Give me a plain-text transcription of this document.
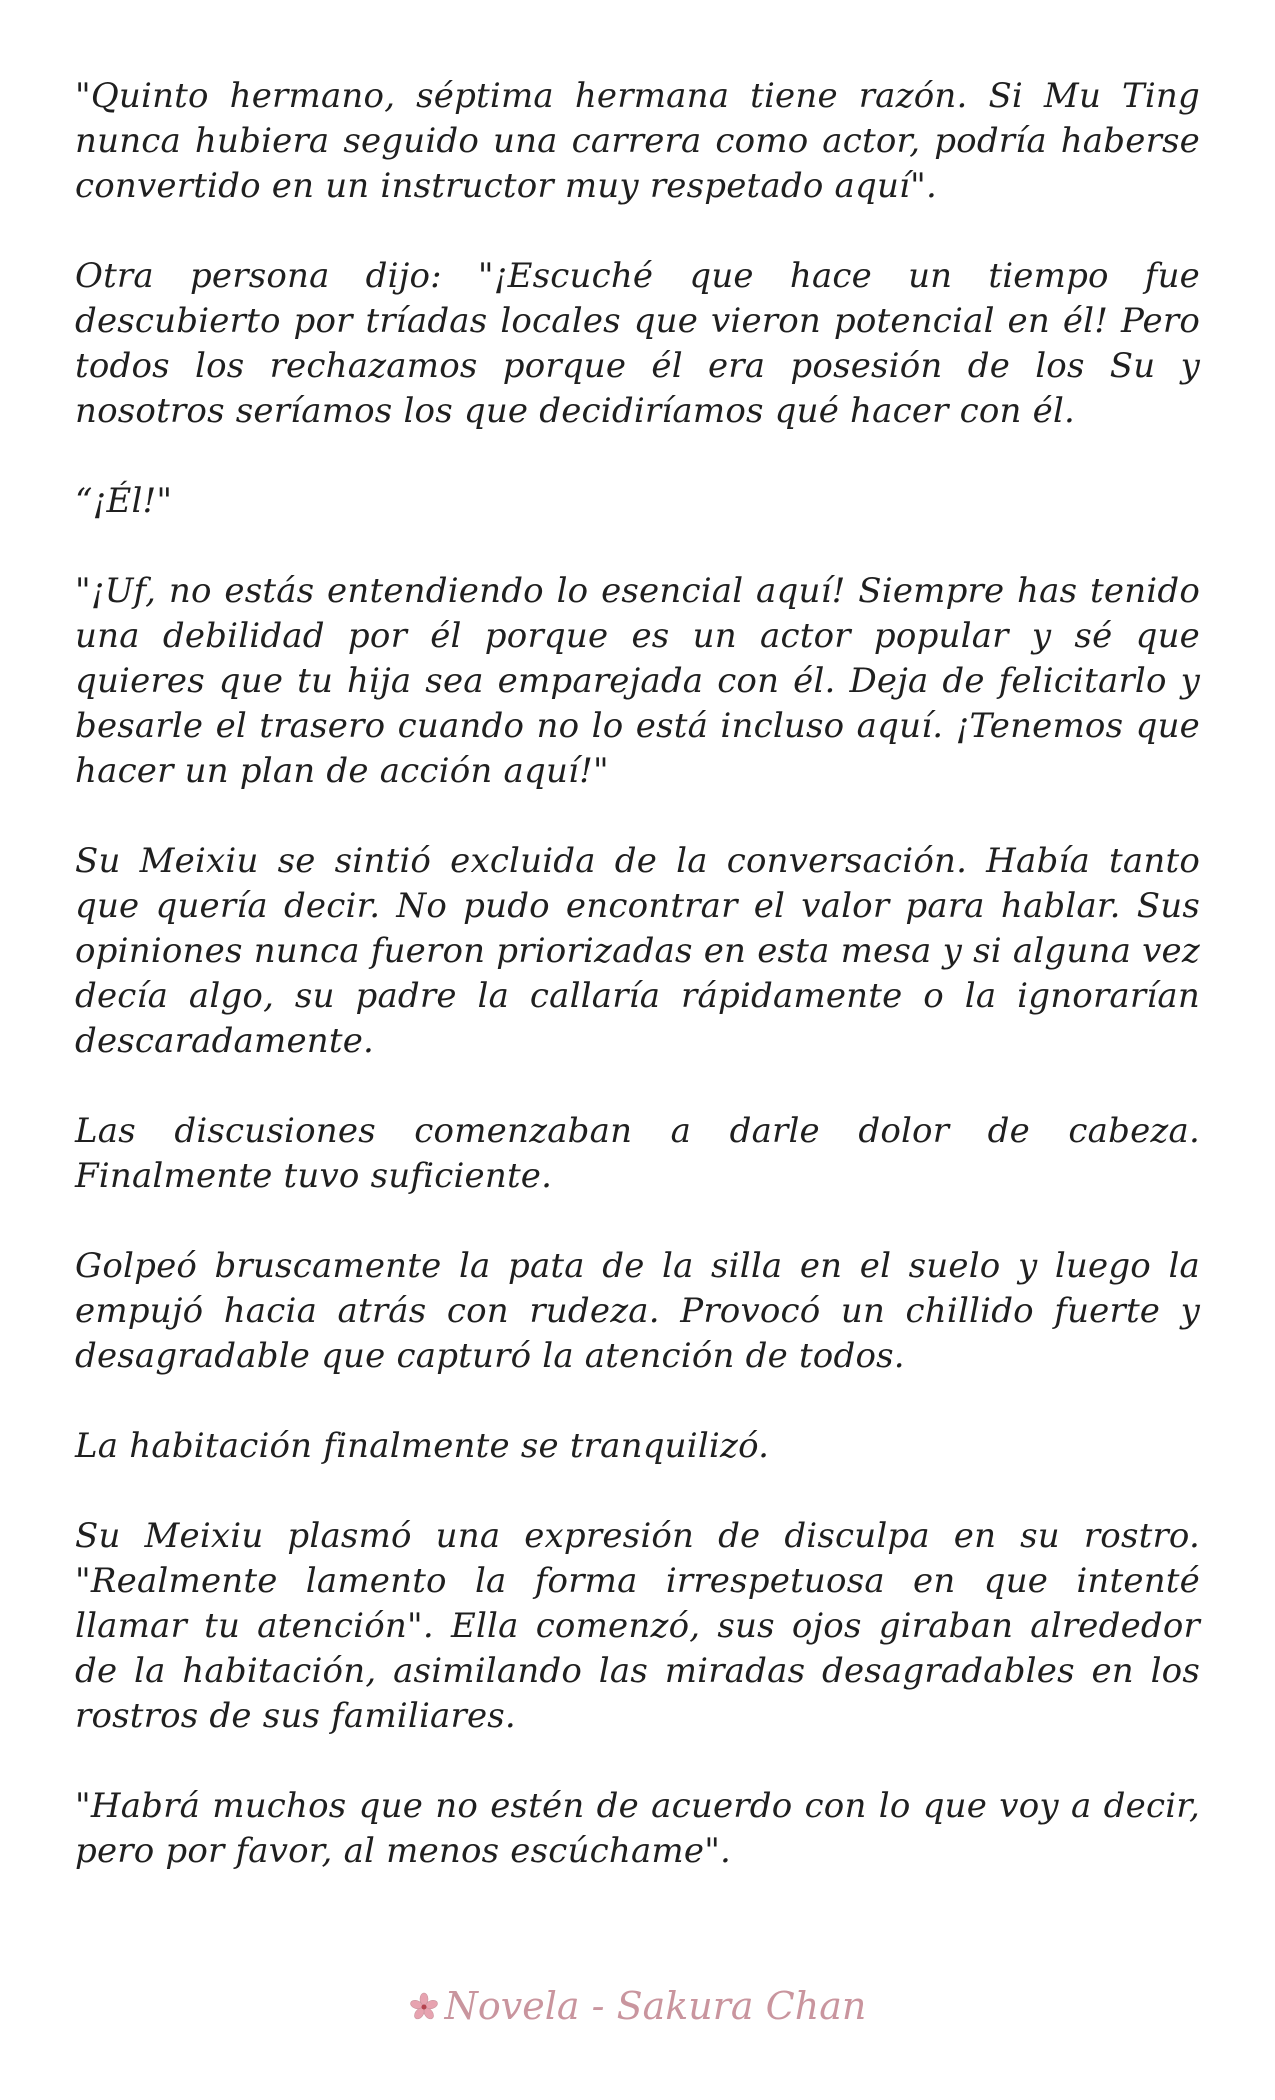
"Quinto hermano, séptima hermana tiene razón. Si Mu Ting nunca hubiera seguido una carrera como actor, podría haberse convertido en un instructor muy respetado aquí".

Otra persona dijo: "¡Escuché que hace un tiempo fue descubierto por tríadas locales que vieron potencial en él! Pero todos los rechazamos porque él era posesión de los Su y nosotros seríamos los que decidiríamos qué hacer con él.

“¡Él!"

"¡Uf, no estás entendiendo lo esencial aquí! Siempre has tenido una debilidad por él porque es un actor popular y sé que quieres que tu hija sea emparejada con él. Deja de felicitarlo y besarle el trasero cuando no lo está incluso aquí. ¡Tenemos que hacer un plan de acción aquí!"

Su Meixiu se sintió excluida de la conversación. Había tanto que quería decir. No pudo encontrar el valor para hablar. Sus opiniones nunca fueron priorizadas en esta mesa y si alguna vez decía algo, su padre la callaría rápidamente o la ignorarían descaradamente.

Las discusiones comenzaban a darle dolor de cabeza. Finalmente tuvo suficiente.

Golpeó bruscamente la pata de la silla en el suelo y luego la empujó hacia atrás con rudeza. Provocó un chillido fuerte y desagradable que capturó la atención de todos.

La habitación finalmente se tranquilizó.

Su Meixiu plasmó una expresión de disculpa en su rostro. "Realmente lamento la forma irrespetuosa en que intenté llamar tu atención". Ella comenzó, sus ojos giraban alrededor de la habitación, asimilando las miradas desagradables en los rostros de sus familiares.

"Habrá muchos que no estén de acuerdo con lo que voy a decir, pero por favor, al menos escúchame".

Novela - Sakura Chan
